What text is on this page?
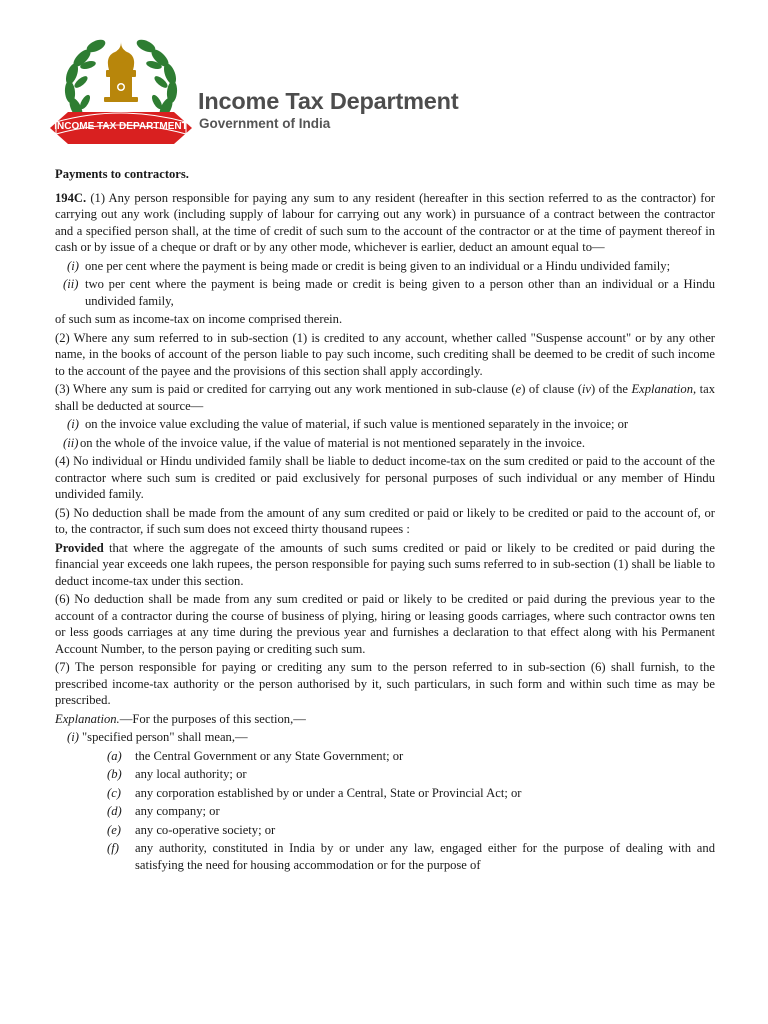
INCOME TAX DEPARTMENT
Income Tax Department
Government of India

Payments to contractors.

194C. (1) Any person responsible for paying any sum to any resident (hereafter in this section referred to as the contractor) for carrying out any work (including supply of labour for carrying out any work) in pursuance of a contract between the contractor and a specified person shall, at the time of credit of such sum to the account of the contractor or at the time of payment thereof in cash or by issue of a cheque or draft or by any other mode, whichever is earlier, deduct an amount equal to—

(i) one per cent where the payment is being made or credit is being given to an individual or a Hindu undivided family;
(ii) two per cent where the payment is being made or credit is being given to a person other than an individual or a Hindu undivided family,

of such sum as income-tax on income comprised therein.

(2) Where any sum referred to in sub-section (1) is credited to any account, whether called "Suspense account" or by any other name, in the books of account of the person liable to pay such income, such crediting shall be deemed to be credit of such income to the account of the payee and the provisions of this section shall apply accordingly.

(3) Where any sum is paid or credited for carrying out any work mentioned in sub-clause (e) of clause (iv) of the Explanation, tax shall be deducted at source—

(i) on the invoice value excluding the value of material, if such value is mentioned separately in the invoice; or
(ii) on the whole of the invoice value, if the value of material is not mentioned separately in the invoice.

(4) No individual or Hindu undivided family shall be liable to deduct income-tax on the sum credited or paid to the account of the contractor where such sum is credited or paid exclusively for personal purposes of such individual or any member of Hindu undivided family.

(5) No deduction shall be made from the amount of any sum credited or paid or likely to be credited or paid to the account of, or to, the contractor, if such sum does not exceed thirty thousand rupees :

Provided that where the aggregate of the amounts of such sums credited or paid or likely to be credited or paid during the financial year exceeds one lakh rupees, the person responsible for paying such sums referred to in sub-section (1) shall be liable to deduct income-tax under this section.

(6) No deduction shall be made from any sum credited or paid or likely to be credited or paid during the previous year to the account of a contractor during the course of business of plying, hiring or leasing goods carriages, where such contractor owns ten or less goods carriages at any time during the previous year and furnishes a declaration to that effect along with his Permanent Account Number, to the person paying or crediting such sum.

(7) The person responsible for paying or crediting any sum to the person referred to in sub-section (6) shall furnish, to the prescribed income-tax authority or the person authorised by it, such particulars, in such form and within such time as may be prescribed.

Explanation.—For the purposes of this section,—

(i) "specified person" shall mean,—
(a) the Central Government or any State Government; or
(b) any local authority; or
(c) any corporation established by or under a Central, State or Provincial Act; or
(d) any company; or
(e) any co-operative society; or
(f) any authority, constituted in India by or under any law, engaged either for the purpose of dealing with and satisfying the need for housing accommodation or for the purpose of
